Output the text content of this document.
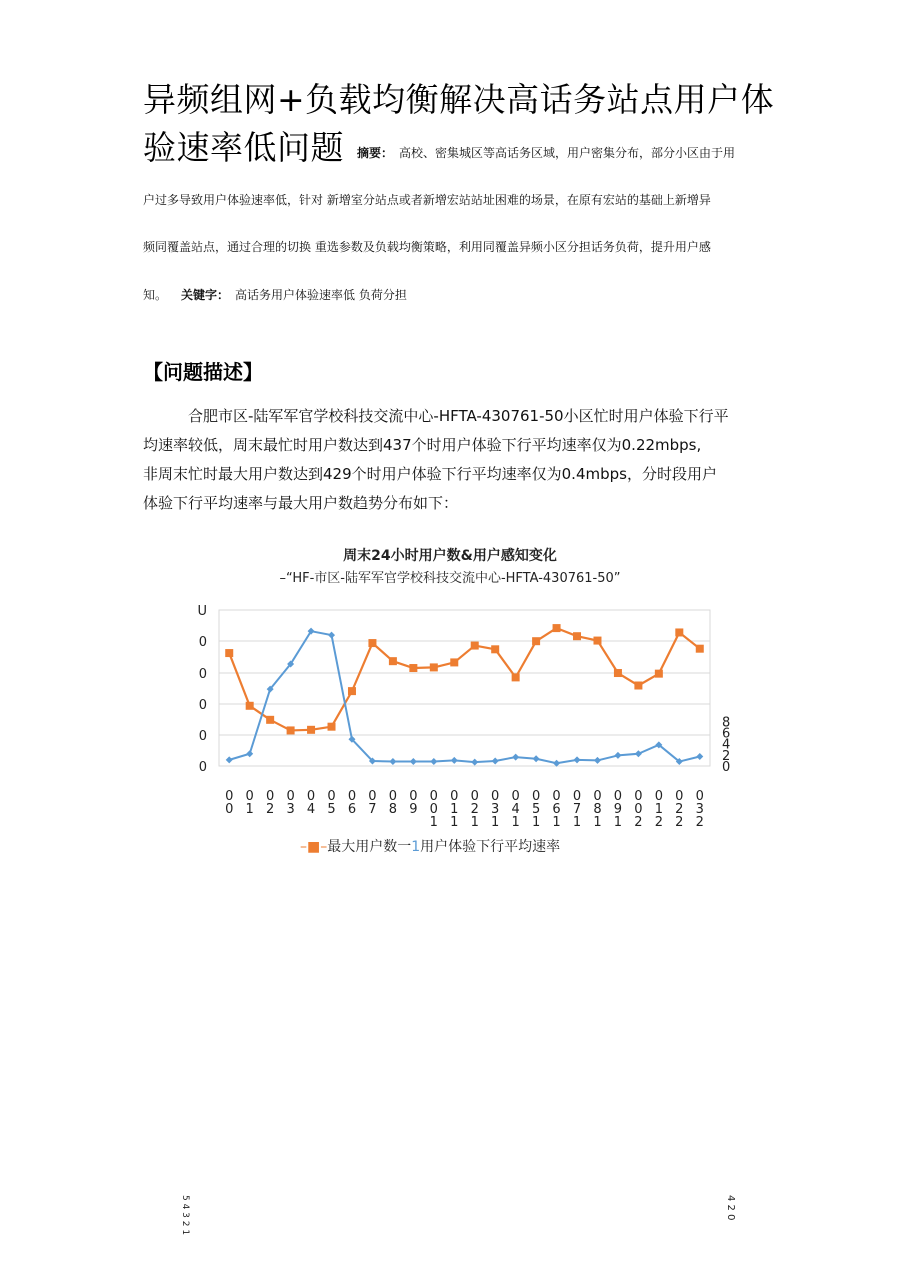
异频组网+负载均衡解决高话务站点用户体验速率低问题	摘要： 高校、密集城区等高话务区域，用户密集分布，部分小区由于用
户过多导致用户体验速率低，针对 新增室分站点或者新增宏站站址困难的场景，在原有宏站的基础上新增异
频同覆盖站点，通过合理的切换 重选参数及负载均衡策略，利用同覆盖异频小区分担话务负荷，提升用户感
知。 关键字： 高话务用户体验速率低 负荷分担
【问题描述】
合肥市区-陆军军官学校科技交流中心-HFTA-430761-50小区忙时用户体验下行平
均速率较低，周末最忙时用户数达到437个时用户体验下行平均速率仅为0.22mbps,
非周末忙时最大用户数达到429个时用户体验下行平均速率仅为0.4mbps，分时段用户
体验下行平均速率与最大用户数趋势分布如下：
周末24小时用户数&用户感知变化
–“HF-市区-陆军军官学校科技交流中心-HFTA-430761-50”
0
0
0
0
0
U
5 4 3 2 1
0
2
4
6
8
4 2 0
0
0
0
1
0
2
0
3
0
4
0
5
0
6
0
7
0
8
0
9
0
0
1
0
1
1
0
2
1
0
3
1
0
4
1
0
5
1
0
6
1
0
7
1
0
8
1
0
9
1
0
0
2
0
1
2
0
2
2
0
3
2
–■–最大用户数一1用户体验下行平均速率
